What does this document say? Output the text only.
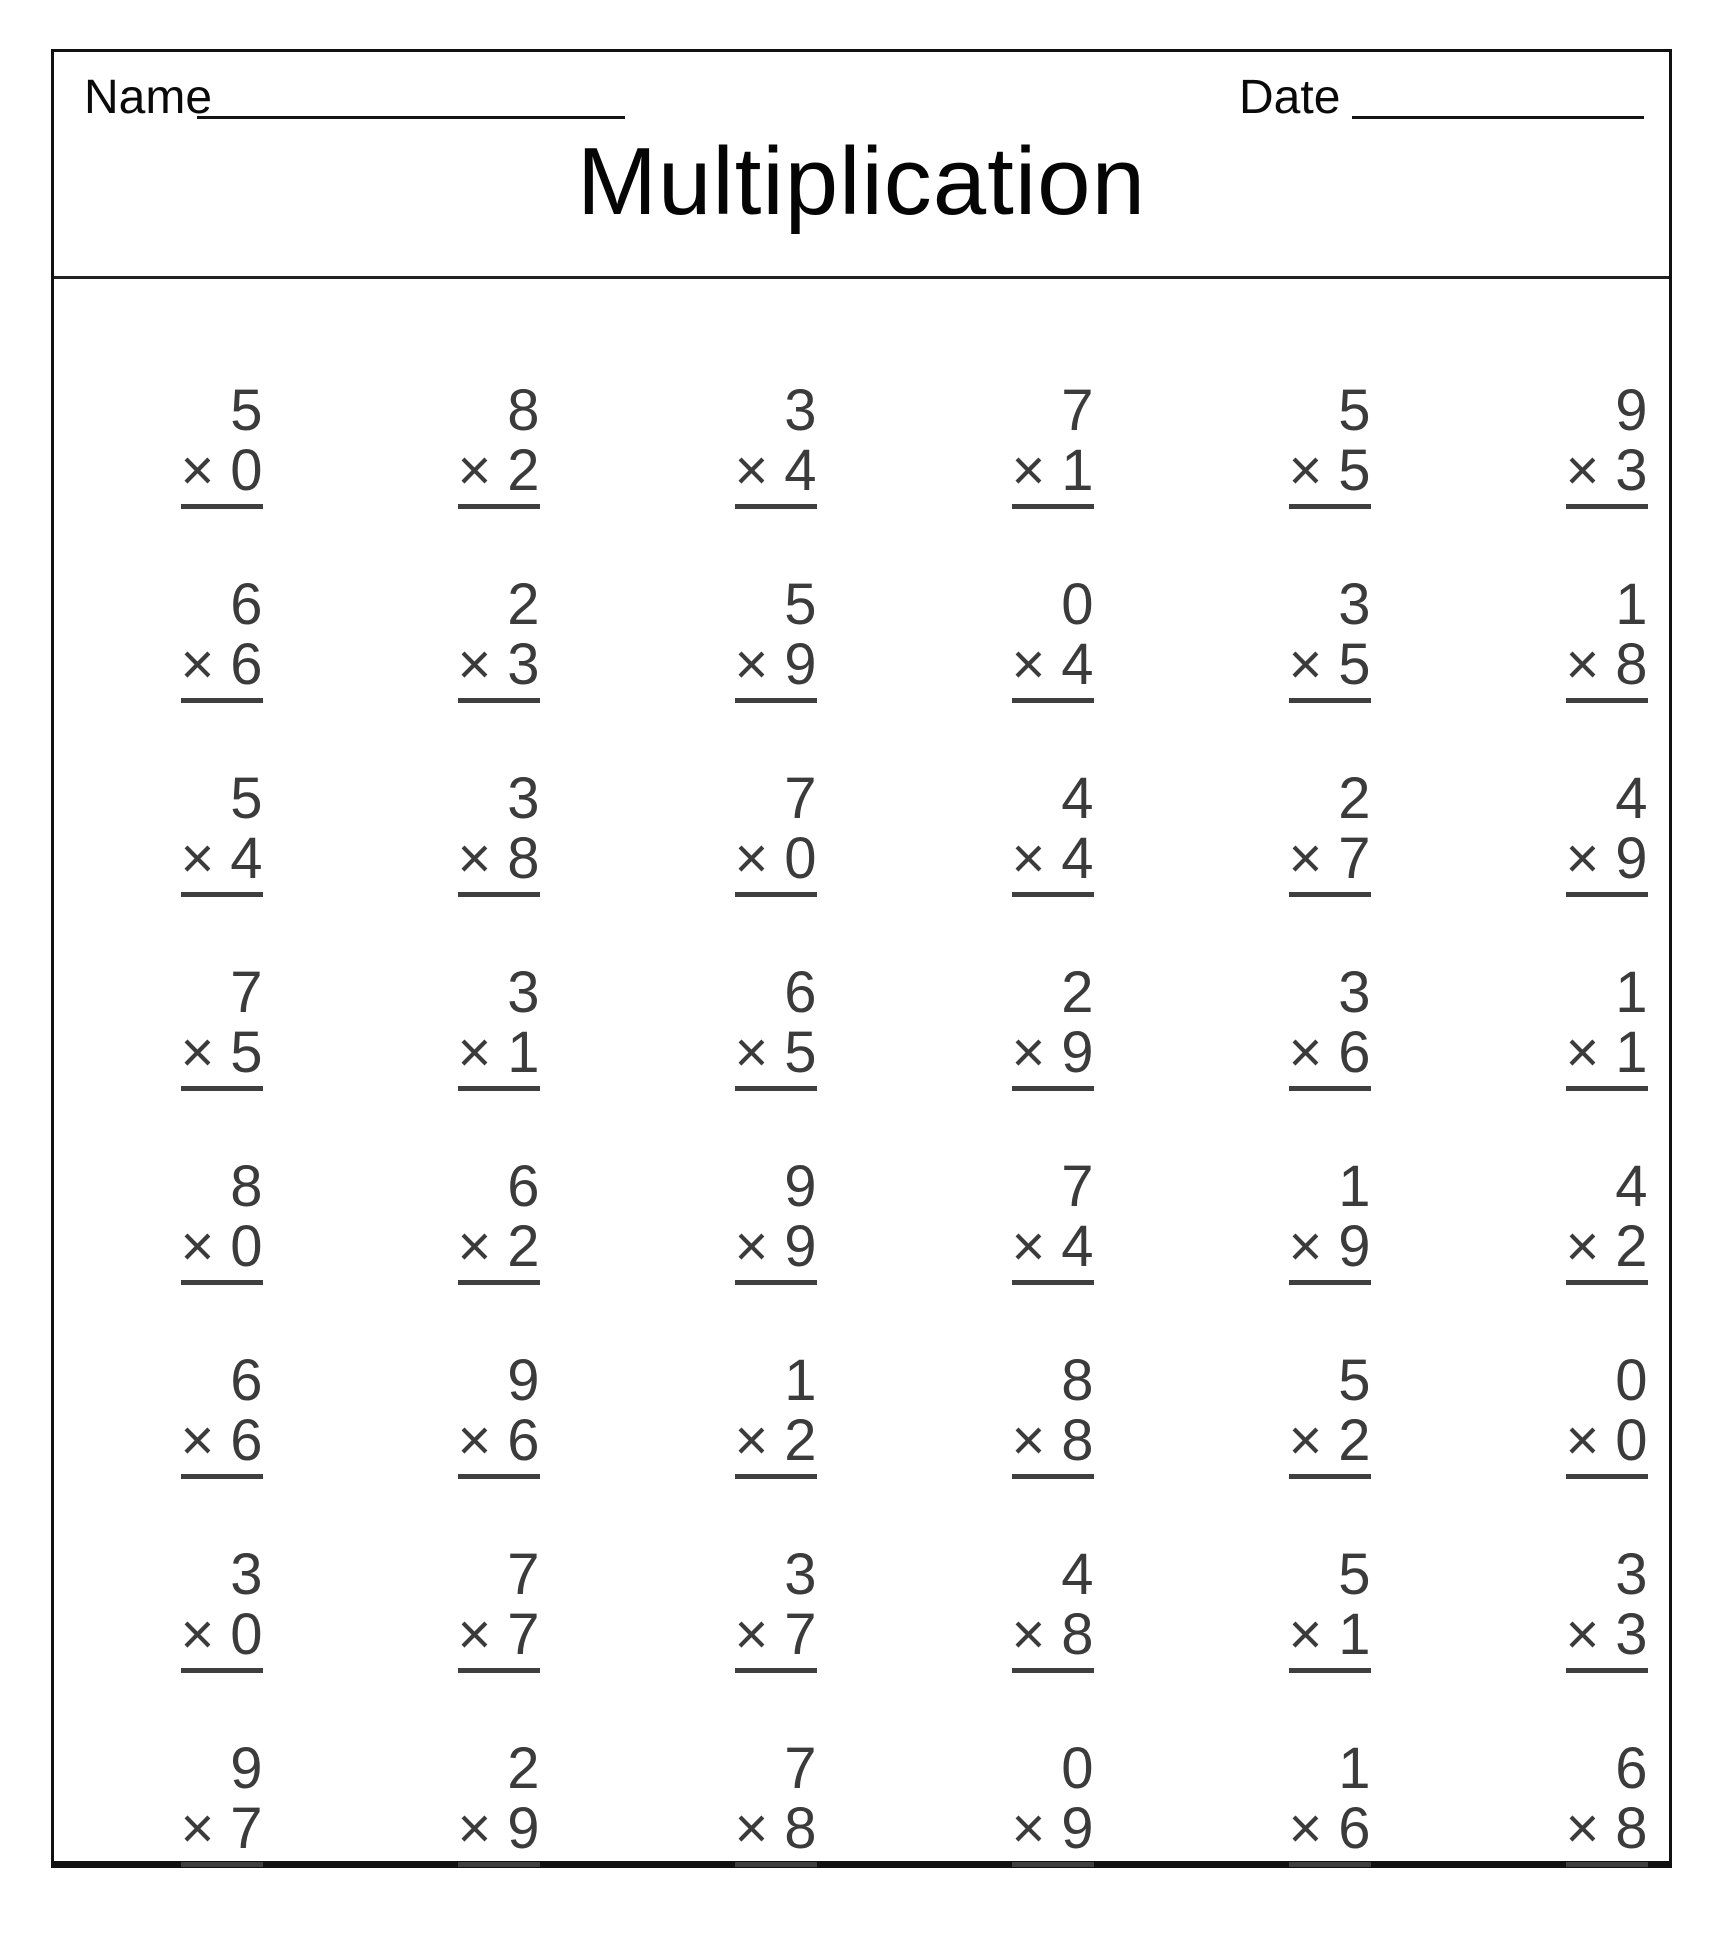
Name	Date
Multiplication
5
× 0
8
× 2
3
× 4
7
× 1
5
× 5
9
× 3
6
× 6
2
× 3
5
× 9
0
× 4
3
× 5
1
× 8
5
× 4
3
× 8
7
× 0
4
× 4
2
× 7
4
× 9
7
× 5
3
× 1
6
× 5
2
× 9
3
× 6
1
× 1
8
× 0
6
× 2
9
× 9
7
× 4
1
× 9
4
× 2
6
× 6
9
× 6
1
× 2
8
× 8
5
× 2
0
× 0
3
× 0
7
× 7
3
× 7
4
× 8
5
× 1
3
× 3
9
× 7
2
× 9
7
× 8
0
× 9
1
× 6
6
× 8
